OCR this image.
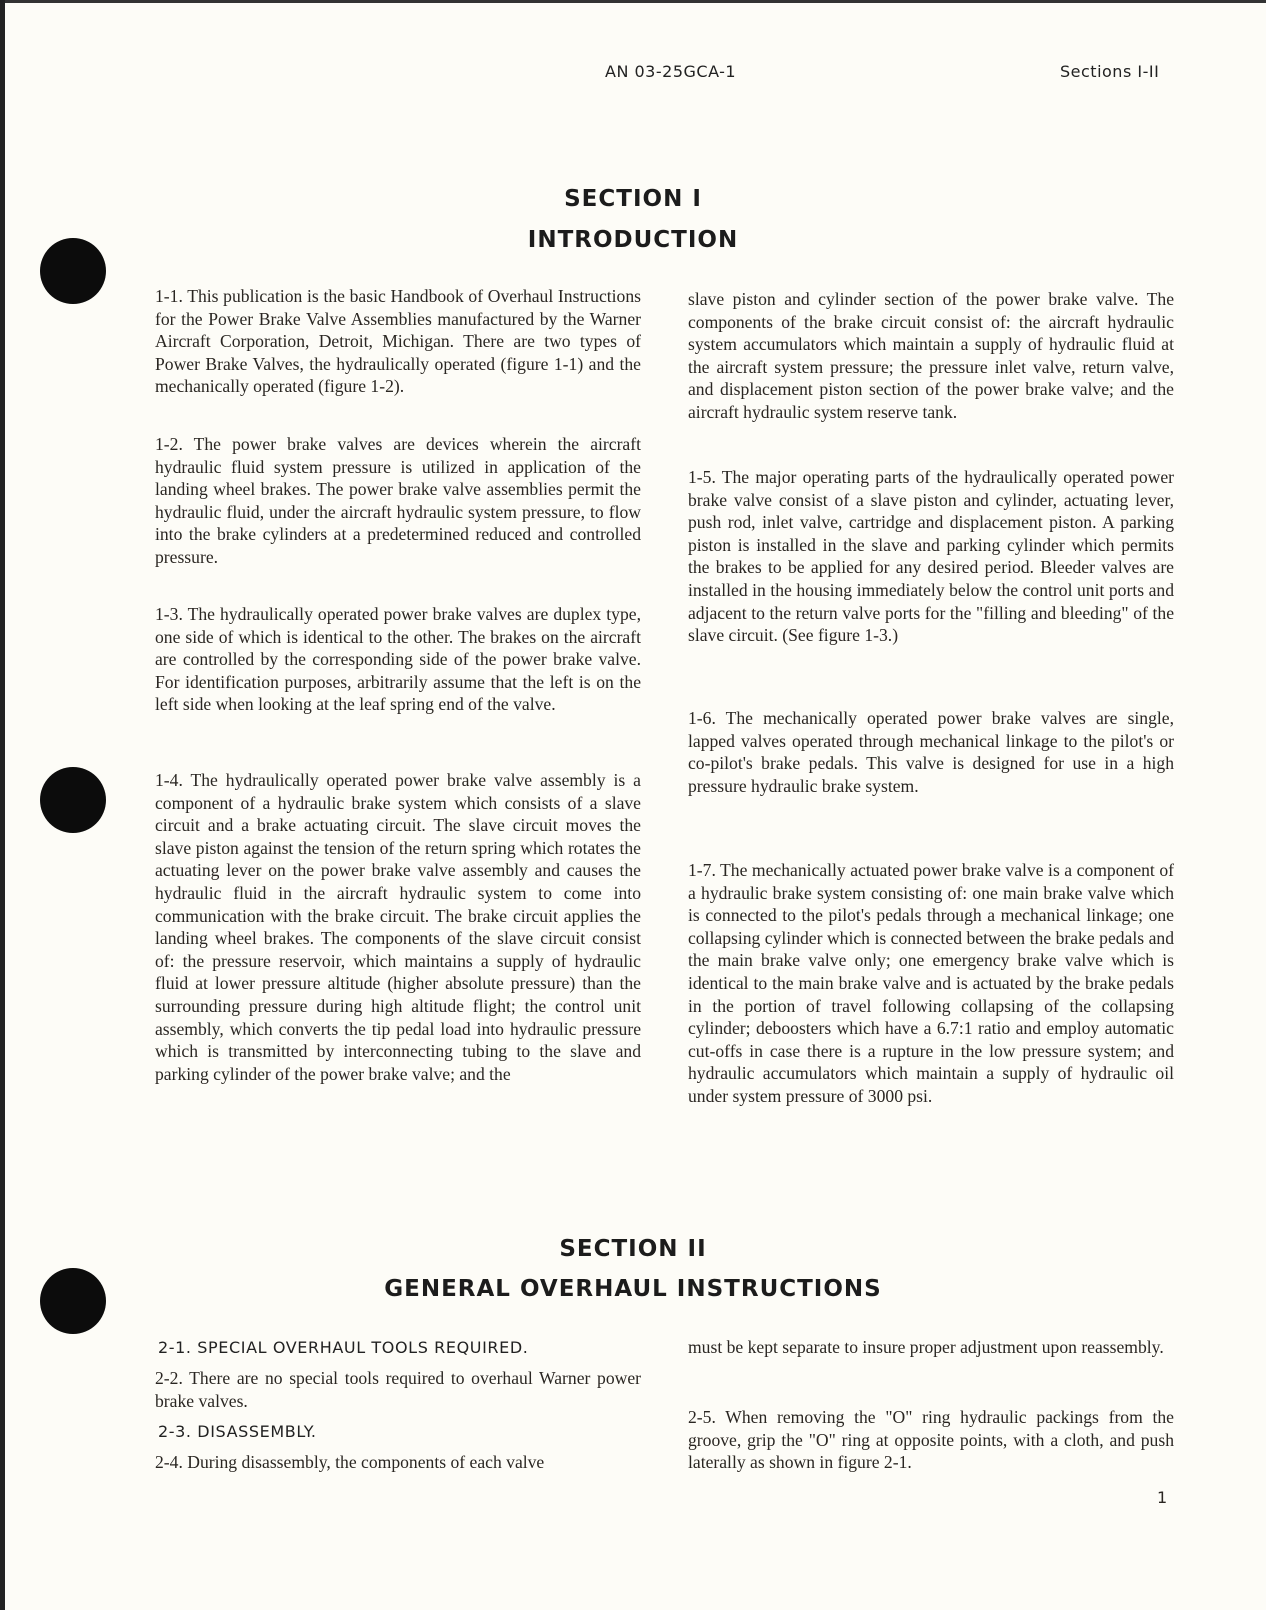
AN 03-25GCA-1	Sections I-II
SECTION I
INTRODUCTION

1-1. This publication is the basic Handbook of Overhaul Instructions for the Power Brake Valve Assemblies manufactured by the Warner Aircraft Corporation, Detroit, Michigan. There are two types of Power Brake Valves, the hydraulically operated (figure 1-1) and the mechanically operated (figure 1-2).

1-2. The power brake valves are devices wherein the aircraft hydraulic fluid system pressure is utilized in application of the landing wheel brakes. The power brake valve assemblies permit the hydraulic fluid, under the aircraft hydraulic system pressure, to flow into the brake cylinders at a predetermined reduced and controlled pressure.

1-3. The hydraulically operated power brake valves are duplex type, one side of which is identical to the other. The brakes on the aircraft are controlled by the corresponding side of the power brake valve. For identification purposes, arbitrarily assume that the left is on the left side when looking at the leaf spring end of the valve.

1-4. The hydraulically operated power brake valve assembly is a component of a hydraulic brake system which consists of a slave circuit and a brake actuating circuit. The slave circuit moves the slave piston against the tension of the return spring which rotates the actuating lever on the power brake valve assembly and causes the hydraulic fluid in the aircraft hydraulic system to come into communication with the brake circuit. The brake circuit applies the landing wheel brakes. The components of the slave circuit consist of: the pressure reservoir, which maintains a supply of hydraulic fluid at lower pressure altitude (higher absolute pressure) than the surrounding pressure during high altitude flight; the control unit assembly, which converts the tip pedal load into hydraulic pressure which is transmitted by interconnecting tubing to the slave and parking cylinder of the power brake valve; and the

slave piston and cylinder section of the power brake valve. The components of the brake circuit consist of: the aircraft hydraulic system accumulators which maintain a supply of hydraulic fluid at the aircraft system pressure; the pressure inlet valve, return valve, and displacement piston section of the power brake valve; and the aircraft hydraulic system reserve tank.

1-5. The major operating parts of the hydraulically operated power brake valve consist of a slave piston and cylinder, actuating lever, push rod, inlet valve, cartridge and displacement piston. A parking piston is installed in the slave and parking cylinder which permits the brakes to be applied for any desired period. Bleeder valves are installed in the housing immediately below the control unit ports and adjacent to the return valve ports for the "filling and bleeding" of the slave circuit. (See figure 1-3.)

1-6. The mechanically operated power brake valves are single, lapped valves operated through mechanical linkage to the pilot's or co-pilot's brake pedals. This valve is designed for use in a high pressure hydraulic brake system.

1-7. The mechanically actuated power brake valve is a component of a hydraulic brake system consisting of: one main brake valve which is connected to the pilot's pedals through a mechanical linkage; one collapsing cylinder which is connected between the brake pedals and the main brake valve only; one emergency brake valve which is identical to the main brake valve and is actuated by the brake pedals in the portion of travel following collapsing of the collapsing cylinder; deboosters which have a 6.7:1 ratio and employ automatic cut-offs in case there is a rupture in the low pressure system; and hydraulic accumulators which maintain a supply of hydraulic oil under system pressure of 3000 psi.

SECTION II
GENERAL OVERHAUL INSTRUCTIONS
2-1. SPECIAL OVERHAUL TOOLS REQUIRED.

2-2. There are no special tools required to overhaul Warner power brake valves.

2-3. DISASSEMBLY.

2-4. During disassembly, the components of each valve

must be kept separate to insure proper adjustment upon reassembly.

2-5. When removing the "O" ring hydraulic packings from the groove, grip the "O" ring at opposite points, with a cloth, and push laterally as shown in figure 2-1.

1
